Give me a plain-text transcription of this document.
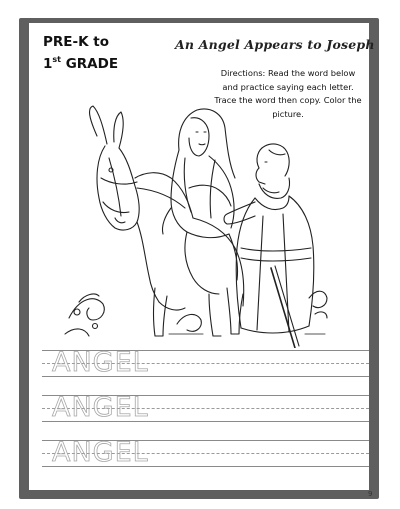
PRE-K to
1st GRADE
An Angel Appears to Joseph
Directions: Read the word below and practice saying each letter. Trace the word then copy. Color the picture.
ANGEL
ANGEL
ANGEL
9
